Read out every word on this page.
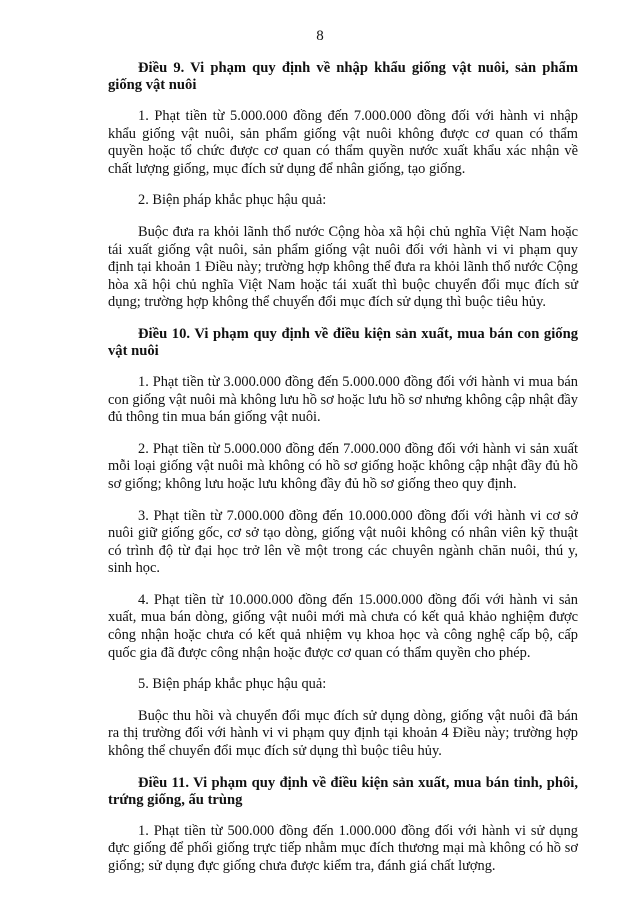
8
Điều 9. Vi phạm quy định về nhập khẩu giống vật nuôi, sản phẩm giống vật nuôi

1. Phạt tiền từ 5.000.000 đồng đến 7.000.000 đồng đối với hành vi nhập khẩu giống vật nuôi, sản phẩm giống vật nuôi không được cơ quan có thẩm quyền hoặc tổ chức được cơ quan có thẩm quyền nước xuất khẩu xác nhận về chất lượng giống, mục đích sử dụng để nhân giống, tạo giống.

2. Biện pháp khắc phục hậu quả:

Buộc đưa ra khỏi lãnh thổ nước Cộng hòa xã hội chủ nghĩa Việt Nam hoặc tái xuất giống vật nuôi, sản phẩm giống vật nuôi đối với hành vi vi phạm quy định tại khoản 1 Điều này; trường hợp không thể đưa ra khỏi lãnh thổ nước Cộng hòa xã hội chủ nghĩa Việt Nam hoặc tái xuất thì buộc chuyển đổi mục đích sử dụng; trường hợp không thể chuyển đổi mục đích sử dụng thì buộc tiêu hủy.

Điều 10. Vi phạm quy định về điều kiện sản xuất, mua bán con giống vật nuôi

1. Phạt tiền từ 3.000.000 đồng đến 5.000.000 đồng đối với hành vi mua bán con giống vật nuôi mà không lưu hồ sơ hoặc lưu hồ sơ nhưng không cập nhật đầy đủ thông tin mua bán giống vật nuôi.

2. Phạt tiền từ 5.000.000 đồng đến 7.000.000 đồng đối với hành vi sản xuất mỗi loại giống vật nuôi mà không có hồ sơ giống hoặc không cập nhật đầy đủ hồ sơ giống; không lưu hoặc lưu không đầy đủ hồ sơ giống theo quy định.

3. Phạt tiền từ 7.000.000 đồng đến 10.000.000 đồng đối với hành vi cơ sở nuôi giữ giống gốc, cơ sở tạo dòng, giống vật nuôi không có nhân viên kỹ thuật có trình độ từ đại học trở lên về một trong các chuyên ngành chăn nuôi, thú y, sinh học.

4. Phạt tiền từ 10.000.000 đồng đến 15.000.000 đồng đối với hành vi sản xuất, mua bán dòng, giống vật nuôi mới mà chưa có kết quả khảo nghiệm được công nhận hoặc chưa có kết quả nhiệm vụ khoa học và công nghệ cấp bộ, cấp quốc gia đã được công nhận hoặc được cơ quan có thẩm quyền cho phép.

5. Biện pháp khắc phục hậu quả:

Buộc thu hồi và chuyển đổi mục đích sử dụng dòng, giống vật nuôi đã bán ra thị trường đối với hành vi vi phạm quy định tại khoản 4 Điều này; trường hợp không thể chuyển đổi mục đích sử dụng thì buộc tiêu hủy.

Điều 11. Vi phạm quy định về điều kiện sản xuất, mua bán tinh, phôi, trứng giống, ấu trùng

1. Phạt tiền từ 500.000 đồng đến 1.000.000 đồng đối với hành vi sử dụng đực giống để phối giống trực tiếp nhằm mục đích thương mại mà không có hồ sơ giống; sử dụng đực giống chưa được kiểm tra, đánh giá chất lượng.
